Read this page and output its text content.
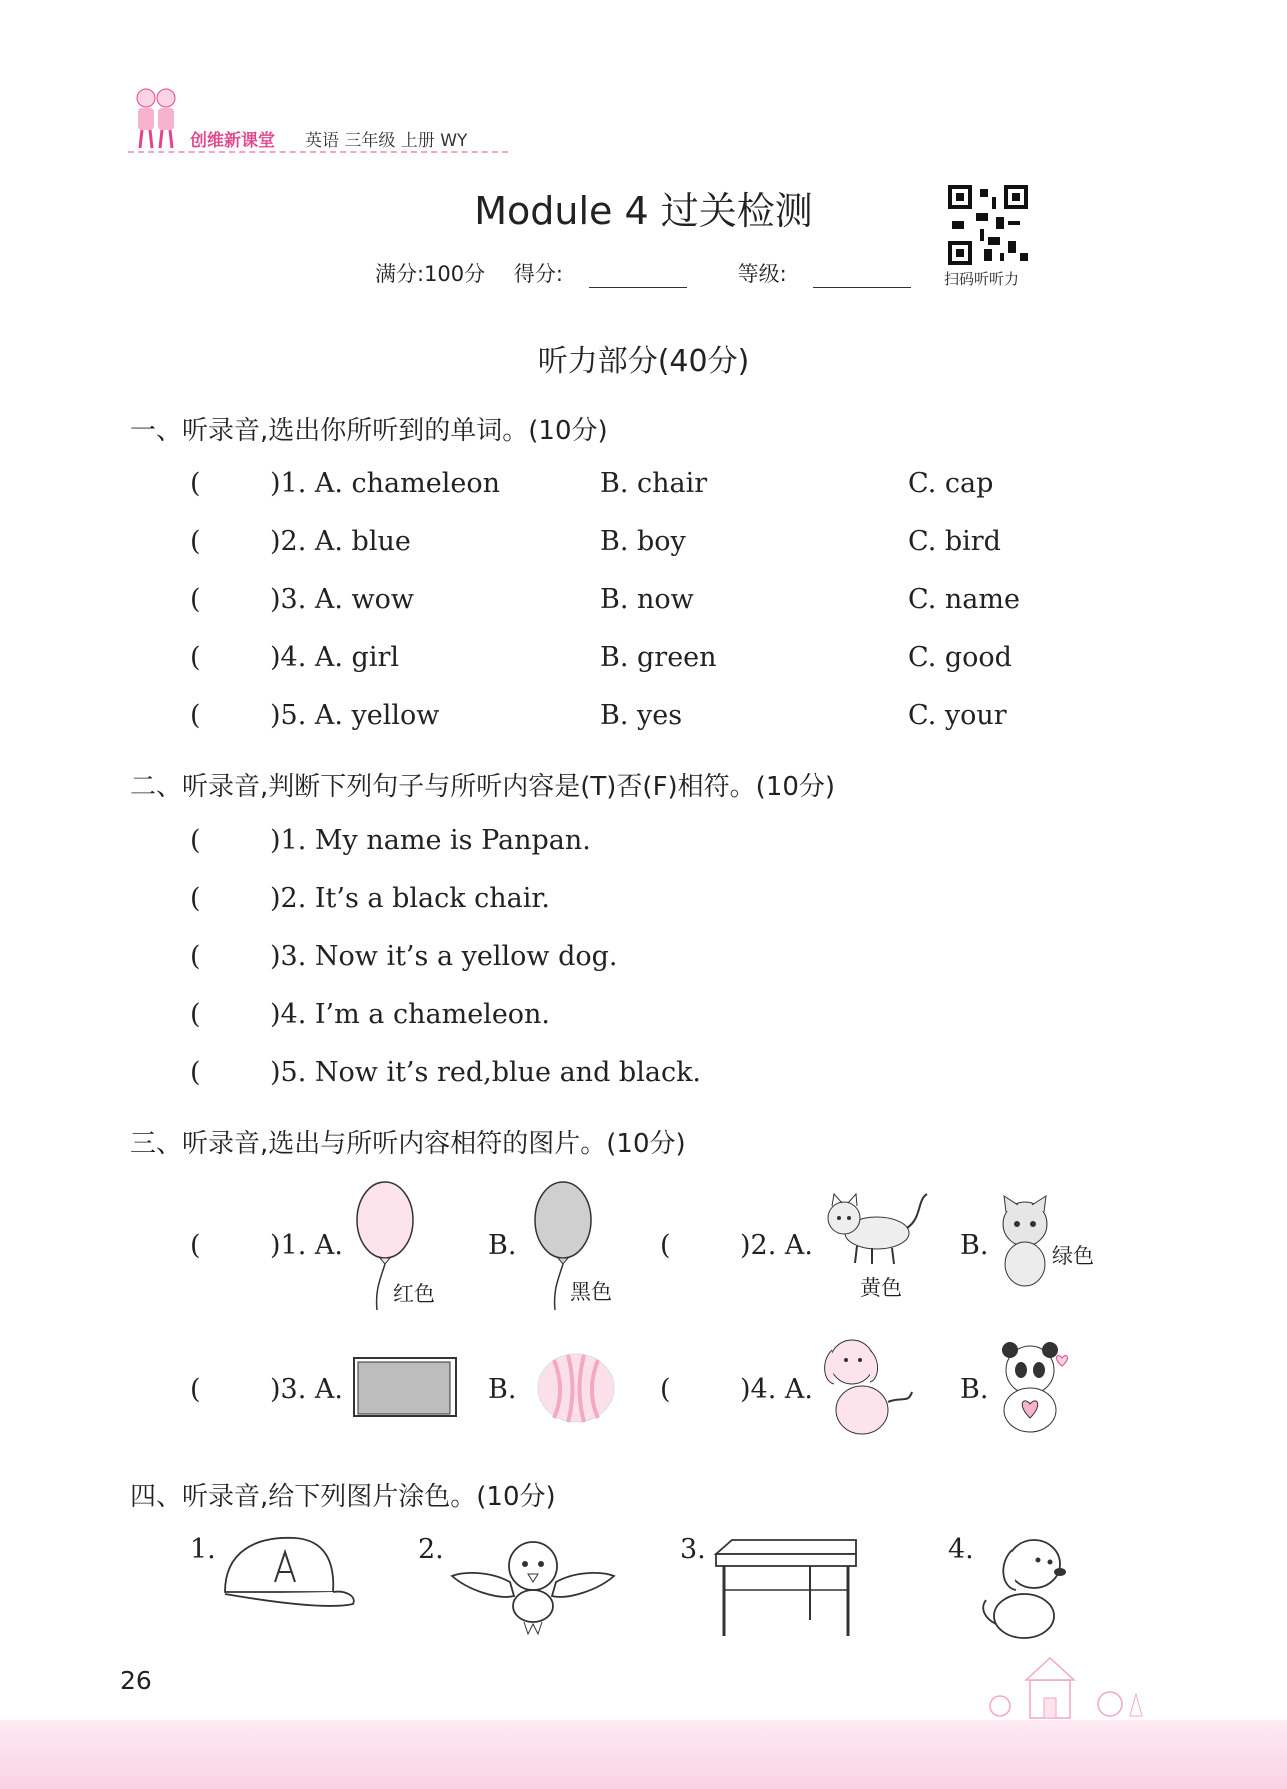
创维新课堂 英语 三年级 上册 WY
Module 4 过关检测
满分:100分 得分:	等级:	扫码听听力
听力部分(40分)
一、听录音,选出你所听到的单词。(10分)
(	)1. A. chameleon	B. chair	C. cap
(	)2. A. blue	B. boy	C. bird
(	)3. A. wow	B. now	C. name
(	)4. A. girl	B. green	C. good
(	)5. A. yellow	B. yes	C. your
二、听录音,判断下列句子与所听内容是(T)否(F)相符。(10分)
(	)1. My name is Panpan.
(	)2. It’s a black chair.
(	)3. Now it’s a yellow dog.
(	)4. I’m a chameleon.
(	)5. Now it’s red,blue and black.
三、听录音,选出与所听内容相符的图片。(10分)
(	)1. A.
红色
B.
黑色
(	)2. A.
黄色
B.	绿色
(	)3. A.	B.	(	)4. A.	B.
四、听录音,给下列图片涂色。(10分)
1.	2.	3.	4.
26
